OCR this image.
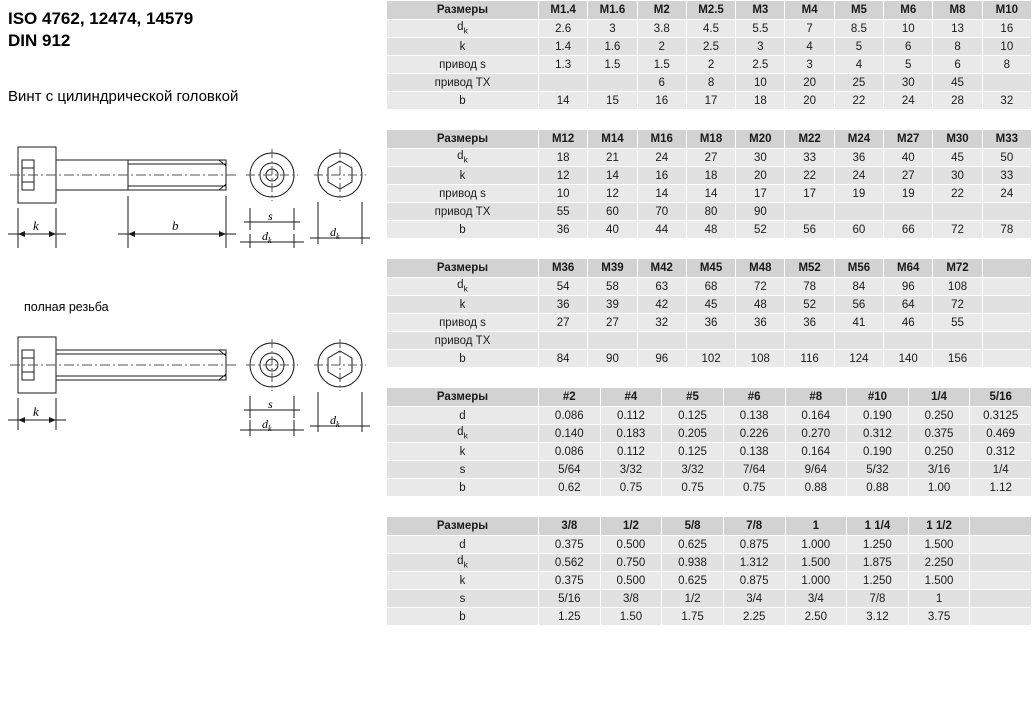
ISO 4762, 12474, 14579
DIN 912
Винт с цилиндрической головкой
k	b
s
$d_k$
$d_k$
полная резьба
k	s
$d_k$
$d_k$
Размеры	M1.4	M1.6	M2	M2.5	M3	M4	M5	M6	M8	M10
$d_k$	2.6	3	3.8	4.5	5.5	7	8.5	10	13	16
k	1.4	1.6	2	2.5	3	4	5	6	8	10
привод s	1.3	1.5	1.5	2	2.5	3	4	5	6	8
привод TX			6	8	10	20	25	30	45	
b	14	15	16	17	18	20	22	24	28	32
Размеры	M12	M14	M16	M18	M20	M22	M24	M27	M30	M33
$d_k$	18	21	24	27	30	33	36	40	45	50
k	12	14	16	18	20	22	24	27	30	33
привод s	10	12	14	14	17	17	19	19	22	24
привод TX	55	60	70	80	90					
b	36	40	44	48	52	56	60	66	72	78
Размеры	M36	M39	M42	M45	M48	M52	M56	M64	M72	
$d_k$	54	58	63	68	72	78	84	96	108	
k	36	39	42	45	48	52	56	64	72	
привод s	27	27	32	36	36	36	41	46	55	
привод TX										
b	84	90	96	102	108	116	124	140	156	
Размеры	#2	#4	#5	#6	#8	#10	1/4	5/16
d	0.086	0.112	0.125	0.138	0.164	0.190	0.250	0.3125
$d_k$	0.140	0.183	0.205	0.226	0.270	0.312	0.375	0.469
k	0.086	0.112	0.125	0.138	0.164	0.190	0.250	0.312
s	5/64	3/32	3/32	7/64	9/64	5/32	3/16	1/4
b	0.62	0.75	0.75	0.75	0.88	0.88	1.00	1.12
Размеры	3/8	1/2	5/8	7/8	1	1 1/4	1 1/2	
d	0.375	0.500	0.625	0.875	1.000	1.250	1.500	
$d_k$	0.562	0.750	0.938	1.312	1.500	1.875	2.250	
k	0.375	0.500	0.625	0.875	1.000	1.250	1.500	
s	5/16	3/8	1/2	3/4	3/4	7/8	1	
b	1.25	1.50	1.75	2.25	2.50	3.12	3.75	
